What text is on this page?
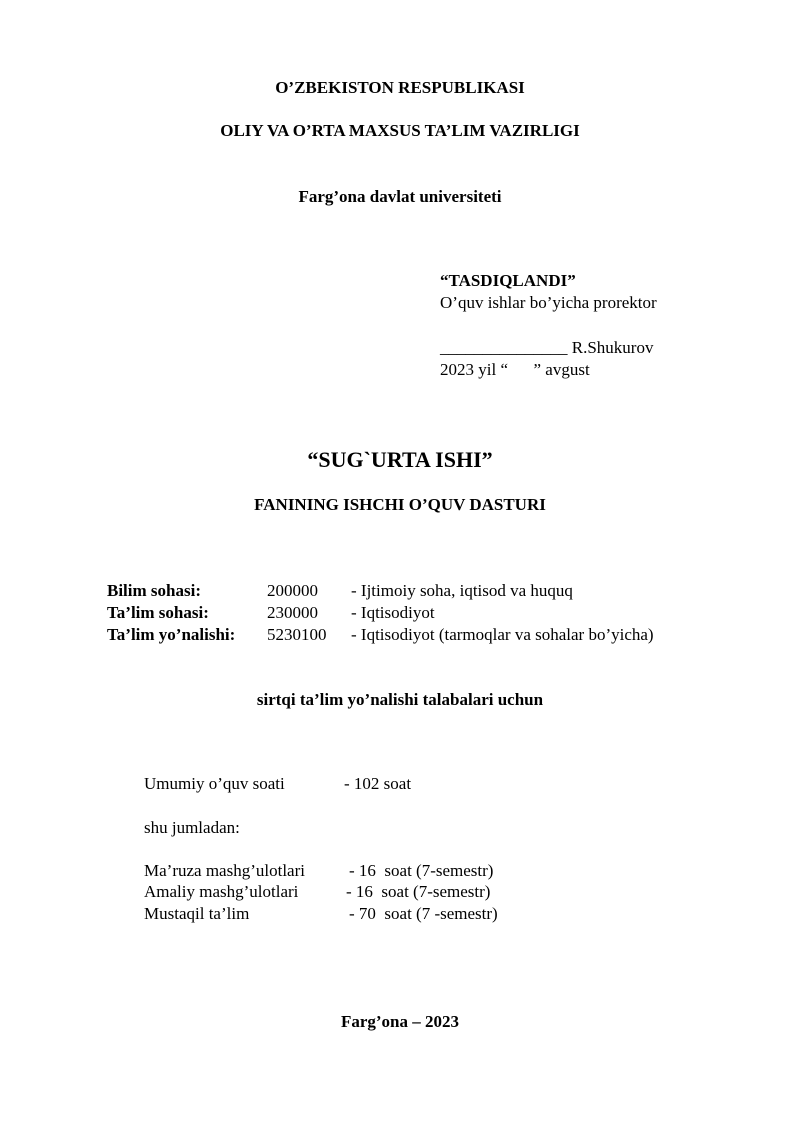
O’ZBEKISTON RESPUBLIKASI
OLIY VA O’RTA MAXSUS TA’LIM VAZIRLIGI
Farg’ona davlat universiteti
“TASDIQLANDI”
O’quv ishlar bo’yicha prorektor
_______________ R.Shukurov
2023 yil “      ” avgust
“SUG`URTA ISHI”
FANINING ISHCHI O’QUV DASTURI
Bilim sohasi:	200000 - Ijtimoiy soha, iqtisod va huquq
Ta’lim sohasi:	230000 - Iqtisodiyot
Ta’lim yo’nalishi: 5230100 - Iqtisodiyot (tarmoqlar va sohalar bo’yicha)
sirtqi ta’lim yo’nalishi talabalari uchun
Umumiy o’quv soati	- 102 soat
shu jumladan:
Ma’ruza mashg’ulotlari	- 16  soat (7-semestr)
Amaliy mashg’ulotlari	- 16  soat (7-semestr)
Mustaqil ta’lim	- 70  soat (7 -semestr)
Farg’ona – 2023
